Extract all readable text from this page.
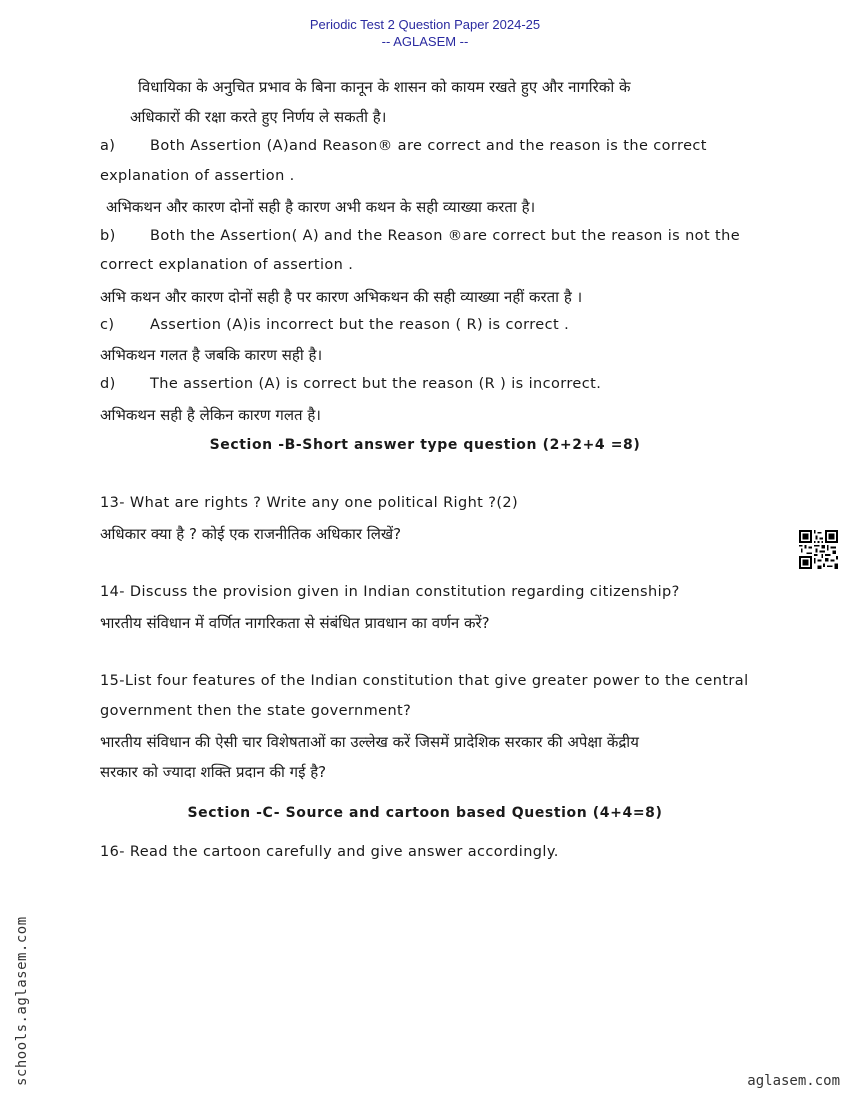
Periodic Test 2 Question Paper 2024-25
-- AGLASEM --
विधायिका के अनुचित प्रभाव के बिना कानून के शासन को कायम रखते हुए और नागरिको के
अधिकारों की रक्षा करते हुए निर्णय ले सकती है।
a) Both Assertion (A)and Reason® are correct and the reason is the correct
explanation of assertion .
अभिकथन और कारण दोनों सही है कारण अभी कथन के सही व्याख्या करता है।
b) Both the Assertion( A) and the Reason ®are correct but the reason is not the
correct explanation of assertion .
अभि कथन और कारण दोनों सही है पर कारण अभिकथन की सही व्याख्या नहीं करता है ।
c) Assertion (A)is incorrect but the reason ( R) is correct .
अभिकथन गलत है जबकि कारण सही है।
d) The assertion (A) is correct but the reason (R ) is incorrect.
अभिकथन सही है लेकिन कारण गलत है।
Section -B-Short answer type question (2+2+4 =8)
13- What are rights ? Write any one political Right ?(2)
अधिकार क्या है ? कोई एक राजनीतिक अधिकार लिखें?
14- Discuss the provision given in Indian constitution regarding citizenship?
भारतीय संविधान में वर्णित नागरिकता से संबंधित प्रावधान का वर्णन करें?
15-List four features of the Indian constitution that give greater power to the central
government then the state government?
भारतीय संविधान की ऐसी चार विशेषताओं का उल्लेख करें जिसमें प्रादेशिक सरकार की अपेक्षा केंद्रीय
सरकार को ज्यादा शक्ति प्रदान की गई है?
Section -C- Source and cartoon based Question (4+4=8)
16- Read the cartoon carefully and give answer accordingly.
schools.aglasem.com	aglasem.com
